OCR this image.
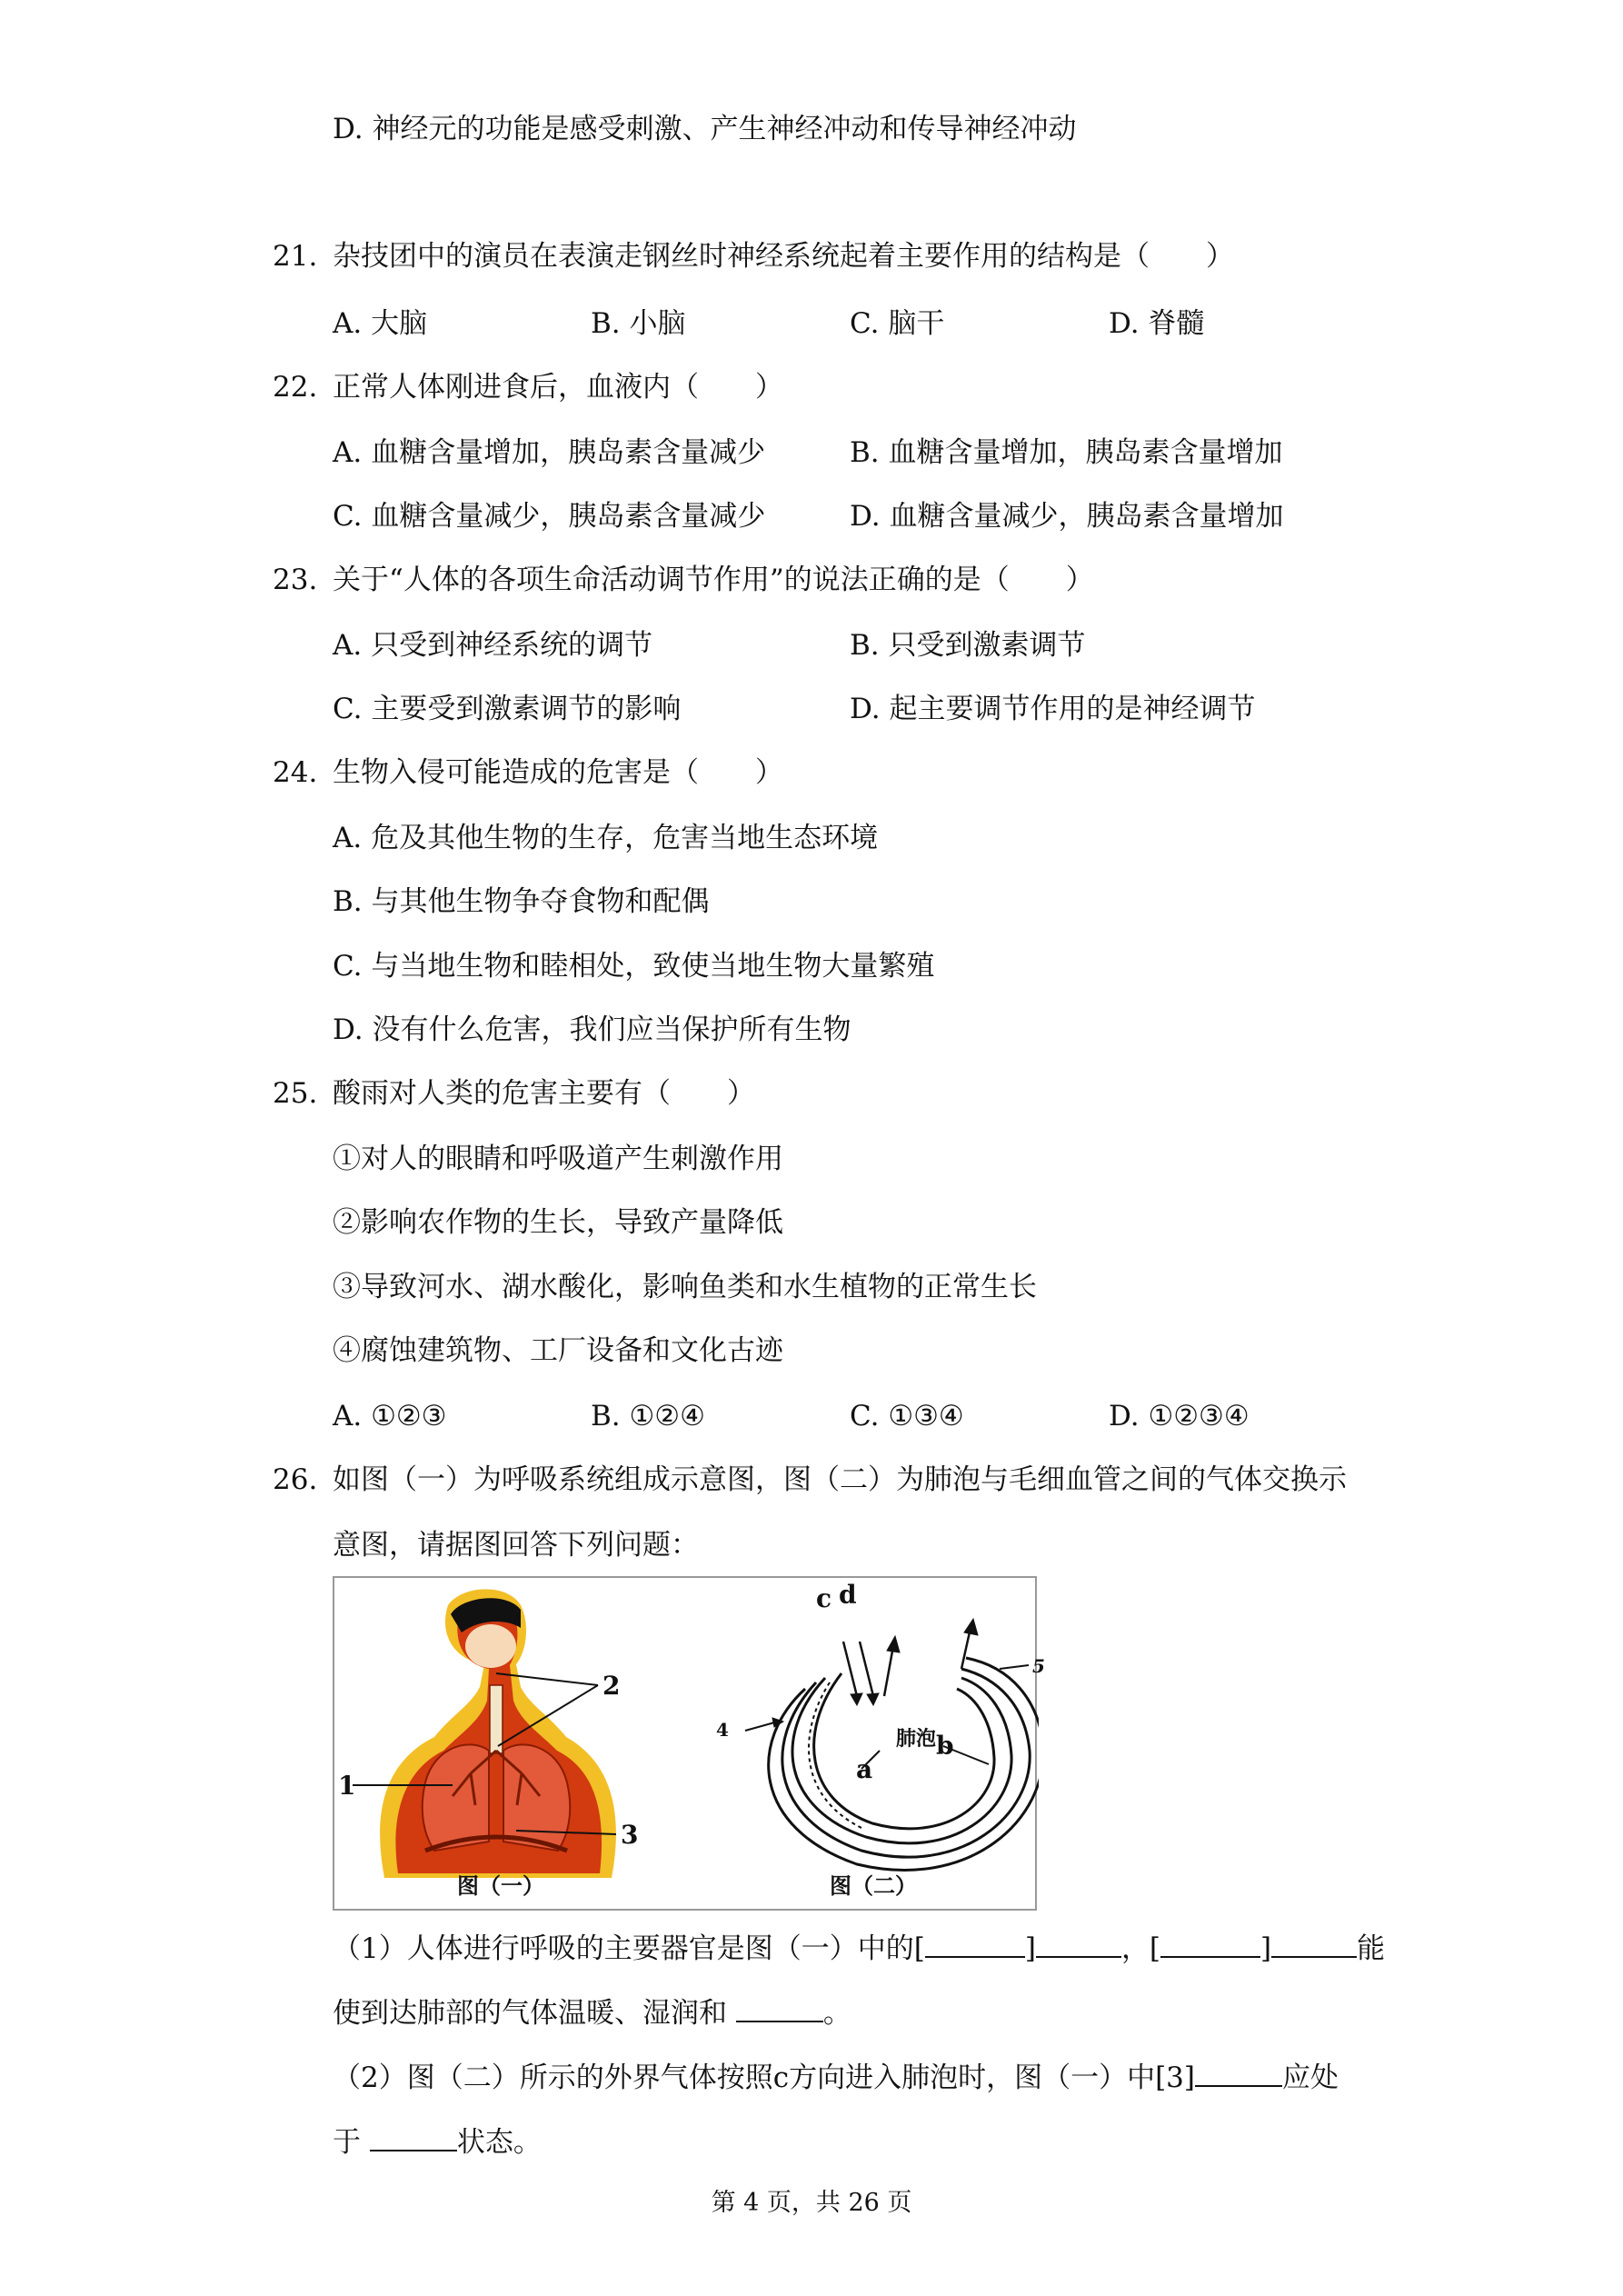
D. 神经元的功能是感受刺激、产生神经冲动和传导神经冲动
21. 杂技团中的演员在表演走钢丝时神经系统起着主要作用的结构是（　　）
A. 大脑	B. 小脑	C. 脑干	D. 脊髓
22. 正常人体刚进食后，血液内（　　）
A. 血糖含量增加，胰岛素含量减少	B. 血糖含量增加，胰岛素含量增加
C. 血糖含量减少，胰岛素含量减少	D. 血糖含量减少，胰岛素含量增加
23. 关于“人体的各项生命活动调节作用”的说法正确的是（　　）
A. 只受到神经系统的调节	B. 只受到激素调节
C. 主要受到激素调节的影响	D. 起主要调节作用的是神经调节
24. 生物入侵可能造成的危害是（　　）
A. 危及其他生物的生存，危害当地生态环境
B. 与其他生物争夺食物和配偶
C. 与当地生物和睦相处，致使当地生物大量繁殖
D. 没有什么危害，我们应当保护所有生物
25. 酸雨对人类的危害主要有（　　）
①对人的眼睛和呼吸道产生刺激作用
②影响农作物的生长，导致产量降低
③导致河水、湖水酸化，影响鱼类和水生植物的正常生长
④腐蚀建筑物、工厂设备和文化古迹
A. ①②③	B. ①②④	C. ①③④	D. ①②③④
26. 如图（一）为呼吸系统组成示意图，图（二）为肺泡与毛细血管之间的气体交换示
意图，请据图回答下列问题：
1
2
3
图（一）
c d
4
5
肺泡
a
b
图（二）
（1）人体进行呼吸的主要器官是图（一）中的[	]	，[	]	能
使到达肺部的气体温暖、湿润和	。
（2）图（二）所示的外界气体按照c方向进入肺泡时，图（一）中[3]	应处
于	状态。
第 4 页，共 26 页
